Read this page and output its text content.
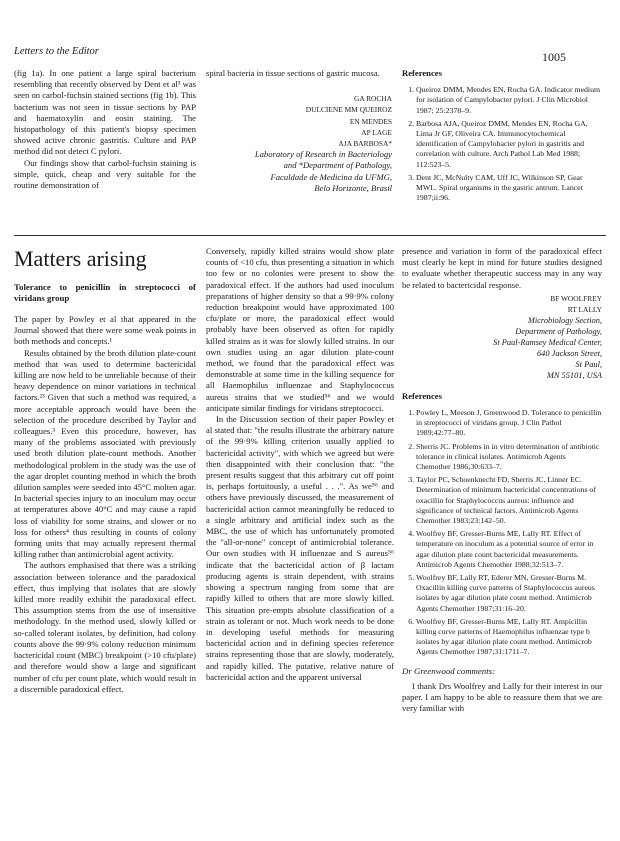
Letters to the Editor	1005

(fig 1a). In one patient a large spiral bacterium resembling that recently observed by Dent et al³ was seen on carbol-fuchsin stained sections (fig 1b). This bacterium was not seen in tissue sections by PAP and haematoxylin and eosin staining. The histopathology of this patient's biopsy specimen showed active chronic gastritis. Culture and PAP method did not detect C pylori.

Our findings show that carbol-fuchsin staining is simple, quick, cheap and very suitable for the routine demonstration of

spiral bacteria in tissue sections of gastric mucosa.

GA ROCHA
DULCIENE MM QUEIROZ
EN MENDES
AP LAGE
AJA BARBOSA*
Laboratory of Research in Bacteriology
and *Department of Pathology,
Faculdade de Medicina da UFMG,
Belo Horizonte, Brasil
References
1. Queiroz DMM, Mendes EN, Rocha GA. Indicator medium for isolation of Campylobacter pylori. J Clin Microbiol 1987; 25:2378–9.
2. Barbosa AJA, Queiroz DMM, Mendes EN, Rocha GA, Lima Jr GF, Oliveira CA. Immunocytochemical identification of Campylobacter pylori in gastritis and correlation with culture. Arch Pathol Lab Med 1988; 112:523–5.
3. Dent JC, McNulty CAM, Uff JC, Wilkinson SP, Gear MWL. Spiral organisms in the gastric antrum. Lancet 1987;ii:96.
Matters arising
Tolerance to penicillin in streptococci of viridans group

The paper by Powley et al that appeared in the Journal showed that there were some weak points in both methods and concepts.¹

Results obtained by the broth dilution plate-count method that was used to determine bactericidal killing are now held to be unreliable because of their heavy dependence on minor variations in technical factors.²³ Given that such a method was required, a more acceptable approach would have been the selection of the procedure described by Taylor and colleagues.³ Even this procedure, however, has many of the problems associated with previously used broth dilution plate-count methods. Another methodological problem in the study was the use of the agar droplet counting method in which the broth dilution samples were seeded into 45°C molten agar. In bacterial species injury to an inoculum may occur at temperatures above 40°C and may cause a rapid loss of viability for some strains, and slower or no loss for others⁴ thus resulting in counts of colony forming units that may actually represent thermal killing rather than antimicrobial agent activity.

The authors emphasised that there was a striking association between tolerance and the paradoxical effect, thus implying that isolates that are slowly killed more readily exhibit the paradoxical effect. This assumption stems from the use of insensitive methodology. In the method used, slowly killed or so-called tolerant isolates, by definition, had colony counts above the 99·9% colony reduction minimum bactericidal count (MBC) breakpoint (>10 cfu/plate) and therefore would show a large and significant number of cfu per count plate, which would result in a discernible paradoxical effect.

Conversely, rapidly killed strains would show plate counts of <10 cfu, thus presenting a situation in which too few or no colonies were present to show the paradoxical effect. If the authors had used inoculum preparations of higher density so that a 99·9% colony reduction breakpoint would have approximated 100 cfu/plate or more, the paradoxical effect would probably have been observed as often for rapidly killed strains as it was for slowly killed strains. In our own studies using an agar dilution plate-count method, we found that the paradoxical effect was demonstrable at some time in the killing sequence for all Haemophilus influenzae and Staphylococcus aureus strains that we studied⁵⁶ and we would anticipate similar findings for viridans streptococci.

In the Discussion section of their paper Powley et al stated that: "the results illustrate the arbitrary nature of the 99·9% killing criterion usually applied to bactericidal activity", with which we agreed but were then disappointed with their conclusion that: "the present results suggest that this arbitrary cut off point is, perhaps fortuitously, a useful . . .". As we⁵⁶ and others have previously discussed, the measurement of bactericidal action cannot meaningfully be reduced to a single arbitrary and artificial index such as the MBC, the use of which has unfortunately promoted the "all-or-none" concept of antimicrobial tolerance. Our own studies with H influenzae and S aureus⁵⁶ indicate that the bactericidal action of β lactam producing agents is strain dependent, with strains showing a spectrum ranging from some that are rapidly killed to others that are more slowly killed. This situation pre-empts absolute classification of a strain as tolerant or not. Much work needs to be done in developing useful methods for measuring bactericidal action and in defining species reference strains representing those that are slowly, moderately, and rapidly killed. The putative, relative nature of bactericidal action and the apparent universal

presence and variation in form of the paradoxical effect must clearly be kept in mind for future studies designed to evaluate whether therapeutic success may in any way be related to bactericidal response.

BF WOOLFREY
RT LALLY
Microbiology Section,
Department of Pathology,
St Paul-Ramsey Medical Center,
640 Jackson Street,
St Paul,
MN 55101, USA
References
1. Powley L, Meeson J, Greenwood D. Tolerance to penicillin in streptococci of viridans group. J Clin Pathol 1989;42:77–80.
2. Sherris JC. Problems in in vitro determination of antibiotic tolerance in clinical isolates. Antimicrob Agents Chemother 1986;30:633–7.
3. Taylor PC, Schoenknecht FD, Sherris JC, Linner EC. Determination of minimum bactericidal concentrations of oxacillin for Staphylococcus aureus: influence and significance of technical factors. Antimicrob Agents Chemother 1983;23:142–50.
4. Woolfrey BF, Gresser-Burns ME, Lally RT. Effect of temperature on inoculum as a potential source of error in agar dilution plate count bactericidal measurements. Antimicrob Agents Chemother 1988;32:513–7.
5. Woolfrey BF, Lally RT, Ederer MN, Gresser-Burns M. Oxacillin killing curve patterns of Staphylococcus aureus isolates by agar dilution plate count method. Antimicrob Agents Chemother 1987;31:16–20.
6. Woolfrey BF, Gresser-Burns ME, Lally RT. Ampicillin killing curve patterns of Haemophilus influenzae type b isolates by agar dilution plate count method. Antimicrob Agents Chemother 1987;31:1711–7.
Dr Greenwood comments:

I thank Drs Woolfrey and Lally for their interest in our paper. I am happy to be able to reassure them that we are very familiar with
